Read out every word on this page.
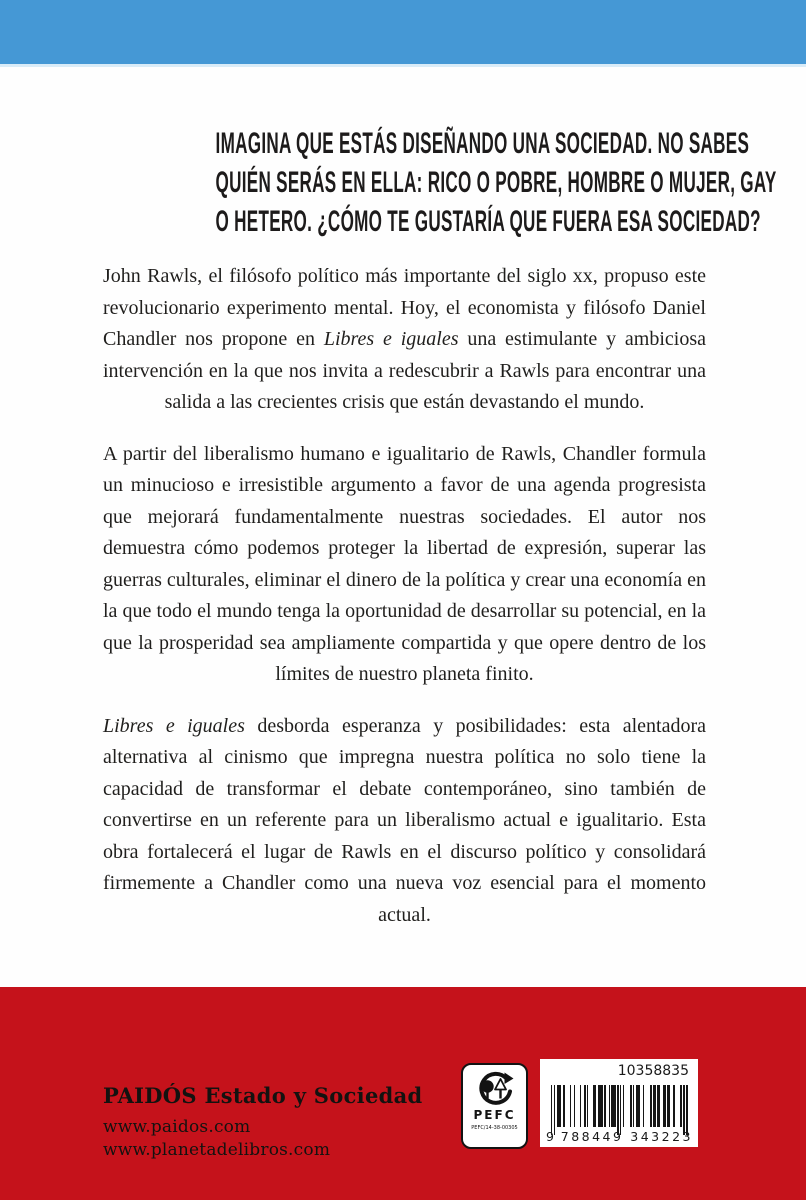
IMAGINA QUE ESTÁS DISEÑANDO UNA SOCIEDAD. NO SABES
QUIÉN SERÁS EN ELLA: RICO O POBRE, HOMBRE O MUJER, GAY
O HETERO. ¿CÓMO TE GUSTARÍA QUE FUERA ESA SOCIEDAD?

John Rawls, el filósofo político más importante del siglo xx, propuso este revolucionario experimento mental. Hoy, el economista y filósofo Daniel Chandler nos propone en Libres e iguales una estimulante y ambiciosa intervención en la que nos invita a redescubrir a Rawls para encontrar una salida a las crecientes crisis que están devastando el mundo.

A partir del liberalismo humano e igualitario de Rawls, Chandler formula un minucioso e irresistible argumento a favor de una agenda progresista que mejorará fundamentalmente nuestras sociedades. El autor nos demuestra cómo podemos proteger la libertad de expresión, superar las guerras culturales, eliminar el dinero de la política y crear una economía en la que todo el mundo tenga la oportunidad de desarrollar su potencial, en la que la prosperidad sea ampliamente compartida y que opere dentro de los límites de nuestro planeta finito.

Libres e iguales desborda esperanza y posibilidades: esta alentadora alternativa al cinismo que impregna nuestra política no solo tiene la capacidad de transformar el debate contemporáneo, sino también de convertirse en un referente para un liberalismo actual e igualitario. Esta obra fortalecerá el lugar de Rawls en el discurso político y consolidará firmemente a Chandler como una nueva voz esencial para el momento actual.

PAIDÓS Estado y Sociedad
www.paidos.com
www.planetadelibros.com
PEFC
PEFC/14-38-00305
10358835
9 788449 343223
